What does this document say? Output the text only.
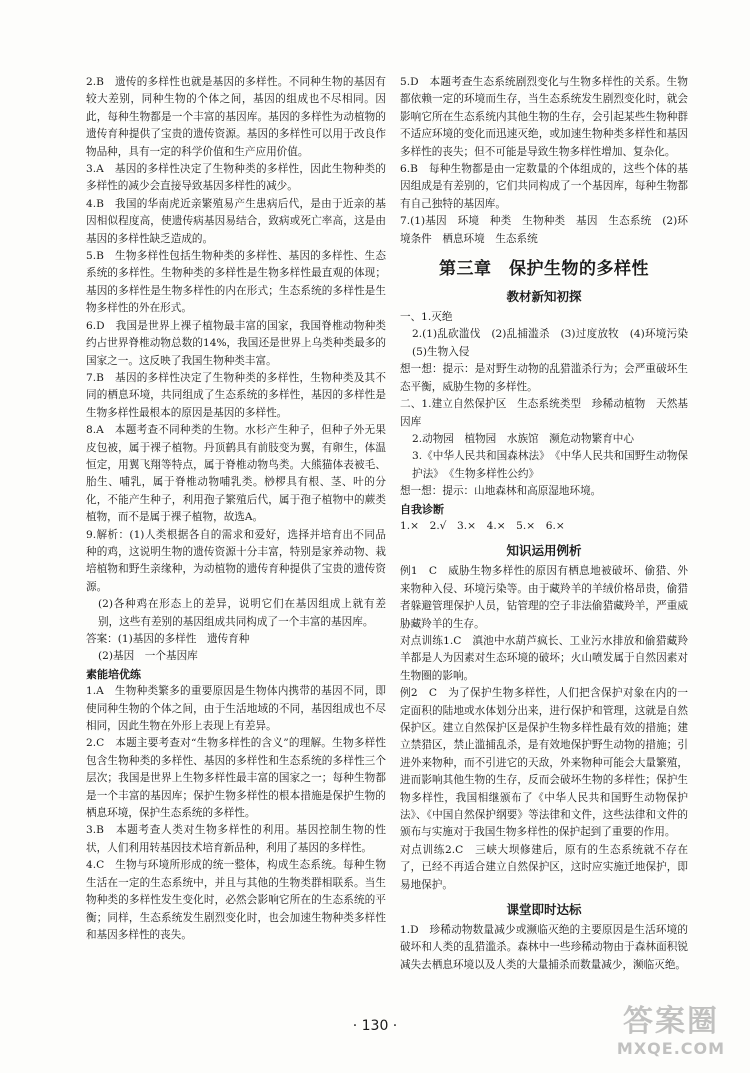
2.B　遗传的多样性也就是基因的多样性。不同种生物的基因有较大差别，同种生物的个体之间，基因的组成也不尽相同。因此，每种生物都是一个丰富的基因库。基因的多样性为动植物的遗传育种提供了宝贵的遗传资源。基因的多样性可以用于改良作物品种，具有一定的科学价值和生产应用价值。

3.A　基因的多样性决定了生物种类的多样性，因此生物种类的多样性的减少会直接导致基因多样性的减少。

4.B　我国的华南虎近亲繁殖易产生患病后代，是由于近亲的基因相似程度高，使遗传病基因易结合，致病或死亡率高，这是由基因的多样性缺乏造成的。

5.B　生物多样性包括生物种类的多样性、基因的多样性、生态系统的多样性。生物种类的多样性是生物多样性最直观的体现；基因的多样性是生物多样性的内在形式；生态系统的多样性是生物多样性的外在形式。

6.D　我国是世界上裸子植物最丰富的国家，我国脊椎动物种类约占世界脊椎动物总数的14%，我国还是世界上乌类种类最多的国家之一。这反映了我国生物种类丰富。

7.B　基因的多样性决定了生物种类的多样性，生物种类及其不同的栖息环境，共同组成了生态系统的多样性，基因的多样性是生物多样性最根本的原因是基因的多样性。

8.A　本题考查不同种类的生物。水杉产生种子，但种子外无果皮包被，属于裸子植物。丹顶鹤具有前肢变为翼，有卵生，体温恒定，用翼飞翔等特点，属于脊椎动物鸟类。大熊猫体表被毛、胎生、哺乳，属于脊椎动物哺乳类。桫椤具有根、茎、叶的分化，不能产生种子，利用孢子繁殖后代，属于孢子植物中的蕨类植物，而不是属于裸子植物，故选A。

9.解析：(1)人类根据各自的需求和爱好，选择并培育出不同品种的鸡，这说明生物的遗传资源十分丰富，特别是家养动物、栽培植物和野生亲缘种，为动植物的遗传育种提供了宝贵的遗传资源。

(2)各种鸡在形态上的差异，说明它们在基因组成上就有差别，这些有差别的基因组成共同构成了一个丰富的基因库。

答案：(1)基因的多样性　遗传育种

(2)基因　一个基因库

素能培优练

1.A　生物种类繁多的重要原因是生物体内携带的基因不同，即使同种生物的个体之间，由于生活地域的不同，基因组成也不尽相同，因此生物在外形上表现上有差异。

2.C　本题主要考查对“生物多样性的含义”的理解。生物多样性包含生物种类的多样性、基因的多样性和生态系统的多样性三个层次；我国是世界上生物多样性最丰富的国家之一；每种生物都是一个丰富的基因库；保护生物多样性的根本措施是保护生物的栖息环境，保护生态系统的多样性。

3.B　本题考查人类对生物多样性的利用。基因控制生物的性状，人们利用转基因技术培育新品种，利用了基因的多样性。

4.C　生物与环境所形成的统一整体，构成生态系统。每种生物生活在一定的生态系统中，并且与其他的生物类群相联系。当生物种类的多样性发生变化时，必然会影响它所在的生态系统的平衡；同样，生态系统发生剧烈变化时，也会加速生物种类多样性和基因多样性的丧失。

5.D　本题考查生态系统剧烈变化与生物多样性的关系。生物都依赖一定的环境而生存，当生态系统发生剧烈变化时，就会影响它所在生态系统内其他生物的生存，会引起某些生物种群不适应环境的变化而迅速灭绝，或加速生物种类多样性和基因多样性的丧失；但不可能是导致生物多样性增加、复杂化。

6.B　每种生物都是由一定数量的个体组成的，这些个体的基因组成是有差别的，它们共同构成了一个基因库，每种生物都有自己独特的基因库。

7.(1)基因　环境　种类　生物种类　基因　生态系统　(2)环境条件　栖息环境　生态系统

第三章　保护生物的多样性
教材新知初探

一、1.灭绝

2.(1)乱砍滥伐　(2)乱捕滥杀　(3)过度放牧　(4)环境污染　(5)生物入侵

想一想：提示：是对野生动物的乱猎滥杀行为；会严重破坏生态平衡，威胁生物的多样性。

二、1.建立自然保护区　生态系统类型　珍稀动植物　天然基因库

2.动物园　植物园　水族馆　濒危动物繁育中心

3.《中华人民共和国森林法》　《中华人民共和国野生动物保护法》　《生物多样性公约》

想一想：提示：山地森林和高原湿地环境。

自我诊断

1.×　2.√　3.×　4.×　5.×　6.×

知识运用例析

例1　C　威胁生物多样性的原因有栖息地被破坏、偷猎、外来物种入侵、环境污染等。由于藏羚羊的羊绒价格昂贵，偷猎者躲避管理保护人员，钻管理的空子非法偷猎藏羚羊，严重威胁藏羚羊的生存。

对点训练1.C　滇池中水葫芦疯长、工业污水排放和偷猎藏羚羊都是人为因素对生态环境的破坏；火山喷发属于自然因素对生物圈的影响。

例2　C　为了保护生物多样性，人们把含保护对象在内的一定面积的陆地或水体划分出来，进行保护和管理，这就是自然保护区。建立自然保护区是保护生物多样性最有效的措施；建立禁猎区，禁止滥捕乱杀，是有效地保护野生动物的措施；引进外来物种，而不引进它的天敌，外来物种可能会大量繁殖，进而影响其他生物的生存，反而会破坏生物的多样性；保护生物多样性，我国相继颁布了《中华人民共和国野生动物保护法》、《中国自然保护纲要》等法律和文件，这些法律和文件的颁布与实施对于我国生物多样性的保护起到了重要的作用。

对点训练2.C　三峡大坝修建后，原有的生态系统就不存在了，已经不再适合建立自然保护区，这时应实施迁地保护，即易地保护。

课堂即时达标

1.D　珍稀动物数量减少或濒临灭绝的主要原因是生活环境的破坏和人类的乱猎滥杀。森林中一些珍稀动物由于森林面积锐减失去栖息环境以及人类的大量捕杀而数量减少，濒临灭绝。

· 130 ·	答案圈
MXQE.COM
